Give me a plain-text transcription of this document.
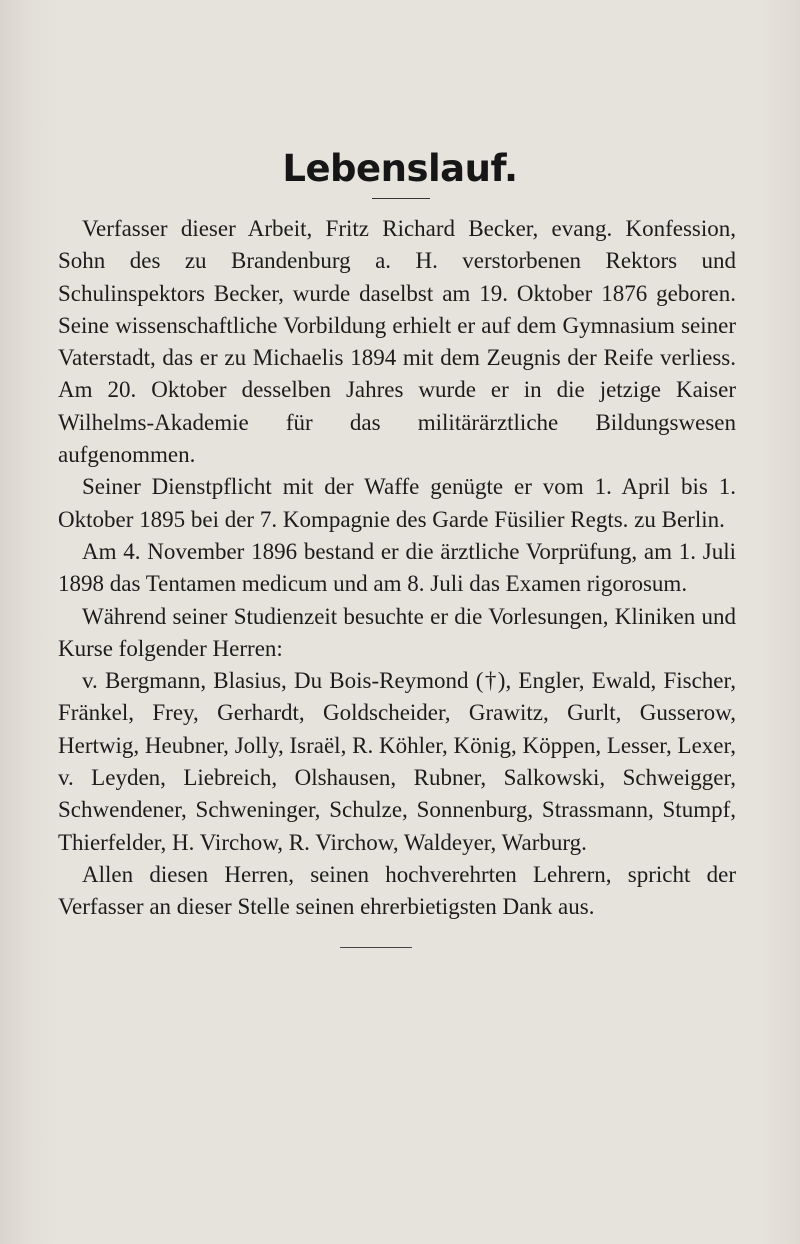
Lebenslauf.

Verfasser dieser Arbeit, Fritz Richard Becker, evang. Konfession, Sohn des zu Brandenburg a. H. verstorbenen Rektors und Schulinspektors Becker, wurde daselbst am 19. Oktober 1876 geboren. Seine wissenschaftliche Vorbildung erhielt er auf dem Gymnasium seiner Vaterstadt, das er zu Michaelis 1894 mit dem Zeugnis der Reife verliess. Am 20. Oktober desselben Jahres wurde er in die jetzige Kaiser Wilhelms-Akademie für das militärärztliche Bildungswesen aufgenommen.

Seiner Dienstpflicht mit der Waffe genügte er vom 1. April bis 1. Oktober 1895 bei der 7. Kompagnie des Garde Füsilier Regts. zu Berlin.

Am 4. November 1896 bestand er die ärztliche Vorprüfung, am 1. Juli 1898 das Tentamen medicum und am 8. Juli das Examen rigorosum.

Während seiner Studienzeit besuchte er die Vorlesungen, Kliniken und Kurse folgender Herren:

v. Bergmann, Blasius, Du Bois-Reymond (†), Engler, Ewald, Fischer, Fränkel, Frey, Gerhardt, Goldscheider, Grawitz, Gurlt, Gusserow, Hertwig, Heubner, Jolly, Israël, R. Köhler, König, Köppen, Lesser, Lexer, v. Leyden, Liebreich, Olshausen, Rubner, Salkowski, Schweigger, Schwendener, Schweninger, Schulze, Sonnenburg, Strassmann, Stumpf, Thierfelder, H. Virchow, R. Virchow, Waldeyer, Warburg.

Allen diesen Herren, seinen hochverehrten Lehrern, spricht der Verfasser an dieser Stelle seinen ehrerbietigsten Dank aus.
